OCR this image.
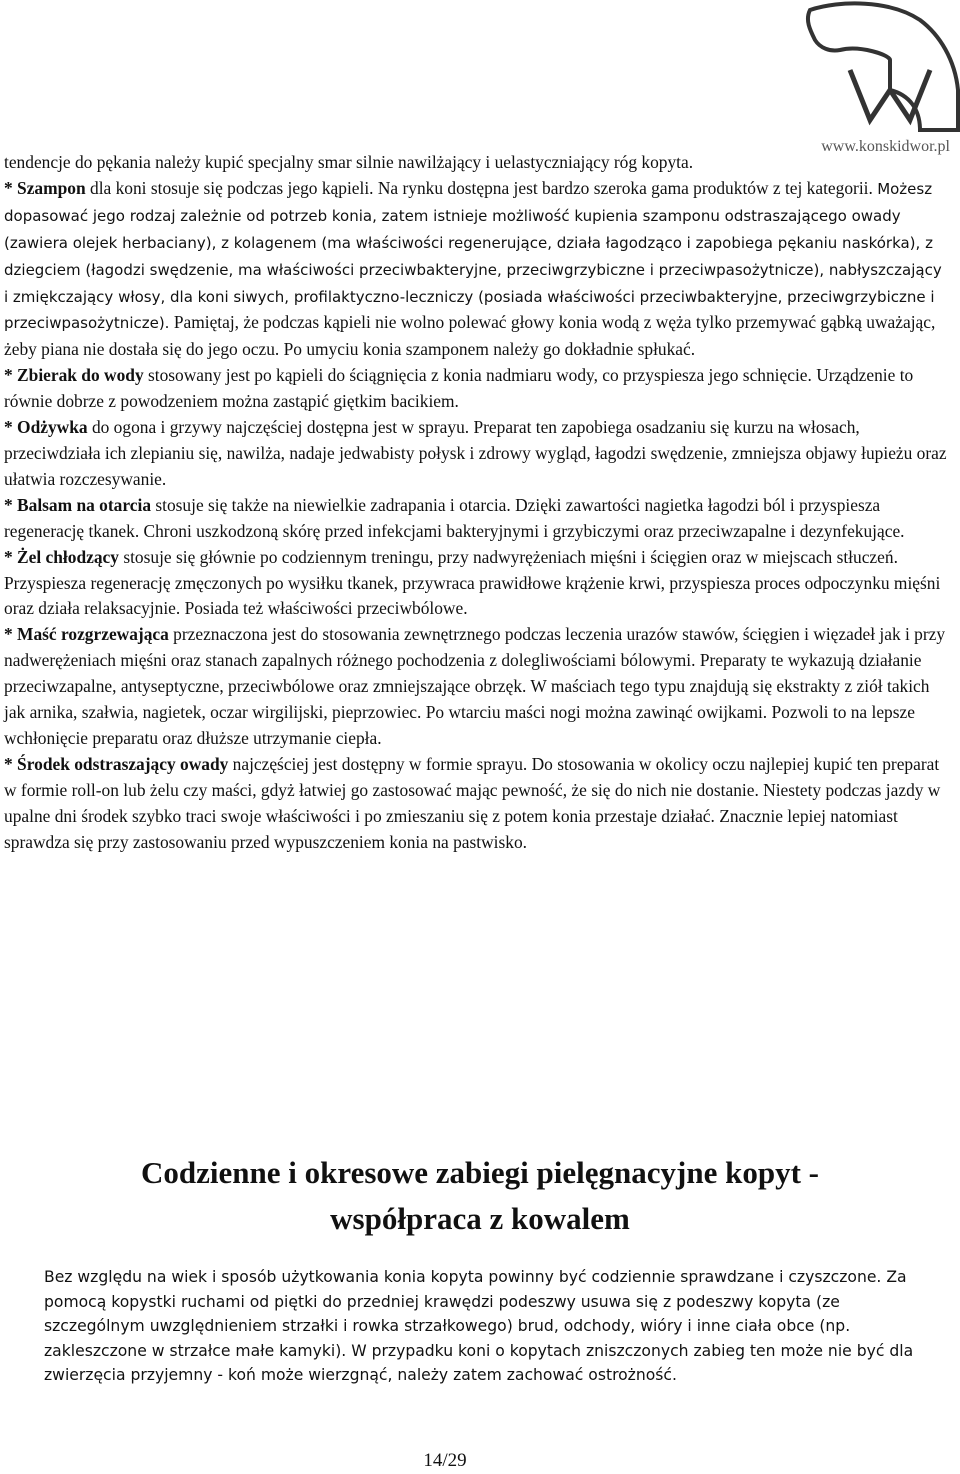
www.konskidwor.pl

tendencje do pękania należy kupić specjalny smar silnie nawilżający i uelastyczniający róg kopyta.

* Szampon dla koni stosuje się podczas jego kąpieli. Na rynku dostępna jest bardzo szeroka gama produktów z tej kategorii. Możesz dopasować jego rodzaj zależnie od potrzeb konia, zatem istnieje możliwość kupienia szamponu odstraszającego owady (zawiera olejek herbaciany), z kolagenem (ma właściwości regenerujące, działa łagodząco i zapobiega pękaniu naskórka), z dziegciem (łagodzi swędzenie, ma właściwości przeciwbakteryjne, przeciwgrzybiczne i przeciwpasożytnicze), nabłyszczający i zmiękczający włosy, dla koni siwych, profilaktyczno-leczniczy (posiada właściwości przeciwbakteryjne, przeciwgrzybiczne i przeciwpasożytnicze). Pamiętaj, że podczas kąpieli nie wolno polewać głowy konia wodą z węża tylko przemywać gąbką uważając, żeby piana nie dostała się do jego oczu. Po umyciu konia szamponem należy go dokładnie spłukać.

* Zbierak do wody stosowany jest po kąpieli do ściągnięcia z konia nadmiaru wody, co przyspiesza jego schnięcie. Urządzenie to równie dobrze z powodzeniem można zastąpić giętkim bacikiem.

* Odżywka do ogona i grzywy najczęściej dostępna jest w sprayu. Preparat ten zapobiega osadzaniu się kurzu na włosach, przeciwdziała ich zlepianiu się, nawilża, nadaje jedwabisty połysk i zdrowy wygląd, łagodzi swędzenie, zmniejsza objawy łupieżu oraz ułatwia rozczesywanie.

* Balsam na otarcia stosuje się także na niewielkie zadrapania i otarcia. Dzięki zawartości nagietka łagodzi ból i przyspiesza regenerację tkanek. Chroni uszkodzoną skórę przed infekcjami bakteryjnymi i grzybiczymi oraz przeciwzapalne i dezynfekujące.

* Żel chłodzący stosuje się głównie po codziennym treningu, przy nadwyrężeniach mięśni i ścięgien oraz w miejscach stłuczeń. Przyspiesza regenerację zmęczonych po wysiłku tkanek, przywraca prawidłowe krążenie krwi, przyspiesza proces odpoczynku mięśni oraz działa relaksacyjnie. Posiada też właściwości przeciwbólowe.

* Maść rozgrzewająca przeznaczona jest do stosowania zewnętrznego podczas leczenia urazów stawów, ścięgien i więzadeł jak i przy nadwerężeniach mięśni oraz stanach zapalnych różnego pochodzenia z dolegliwościami bólowymi. Preparaty te wykazują działanie przeciwzapalne, antyseptyczne, przeciwbólowe oraz zmniejszające obrzęk. W maściach tego typu znajdują się ekstrakty z ziół takich jak arnika, szałwia, nagietek, oczar wirgilijski, pieprzowiec. Po wtarciu maści nogi można zawinąć owijkami. Pozwoli to na lepsze wchłonięcie preparatu oraz dłuższe utrzymanie ciepła.

* Środek odstraszający owady najczęściej jest dostępny w formie sprayu. Do stosowania w okolicy oczu najlepiej kupić ten preparat w formie roll-on lub żelu czy maści, gdyż łatwiej go zastosować mając pewność, że się do nich nie dostanie. Niestety podczas jazdy w upalne dni środek szybko traci swoje właściwości i po zmieszaniu się z potem konia przestaje działać. Znacznie lepiej natomiast sprawdza się przy zastosowaniu przed wypuszczeniem konia na pastwisko.

Codzienne i okresowe zabiegi pielęgnacyjne kopyt -
współpraca z kowalem
Bez względu na wiek i sposób użytkowania konia kopyta powinny być codziennie sprawdzane i czyszczone. Za pomocą kopystki ruchami od piętki do przedniej krawędzi podeszwy usuwa się z podeszwy kopyta (ze szczególnym uwzględnieniem strzałki i rowka strzałkowego) brud, odchody, wióry i inne ciała obce (np. zakleszczone w strzałce małe kamyki). W przypadku koni o kopytach zniszczonych zabieg ten może nie być dla zwierzęcia przyjemny - koń może wierzgnąć, należy zatem zachować ostrożność.
14/29
